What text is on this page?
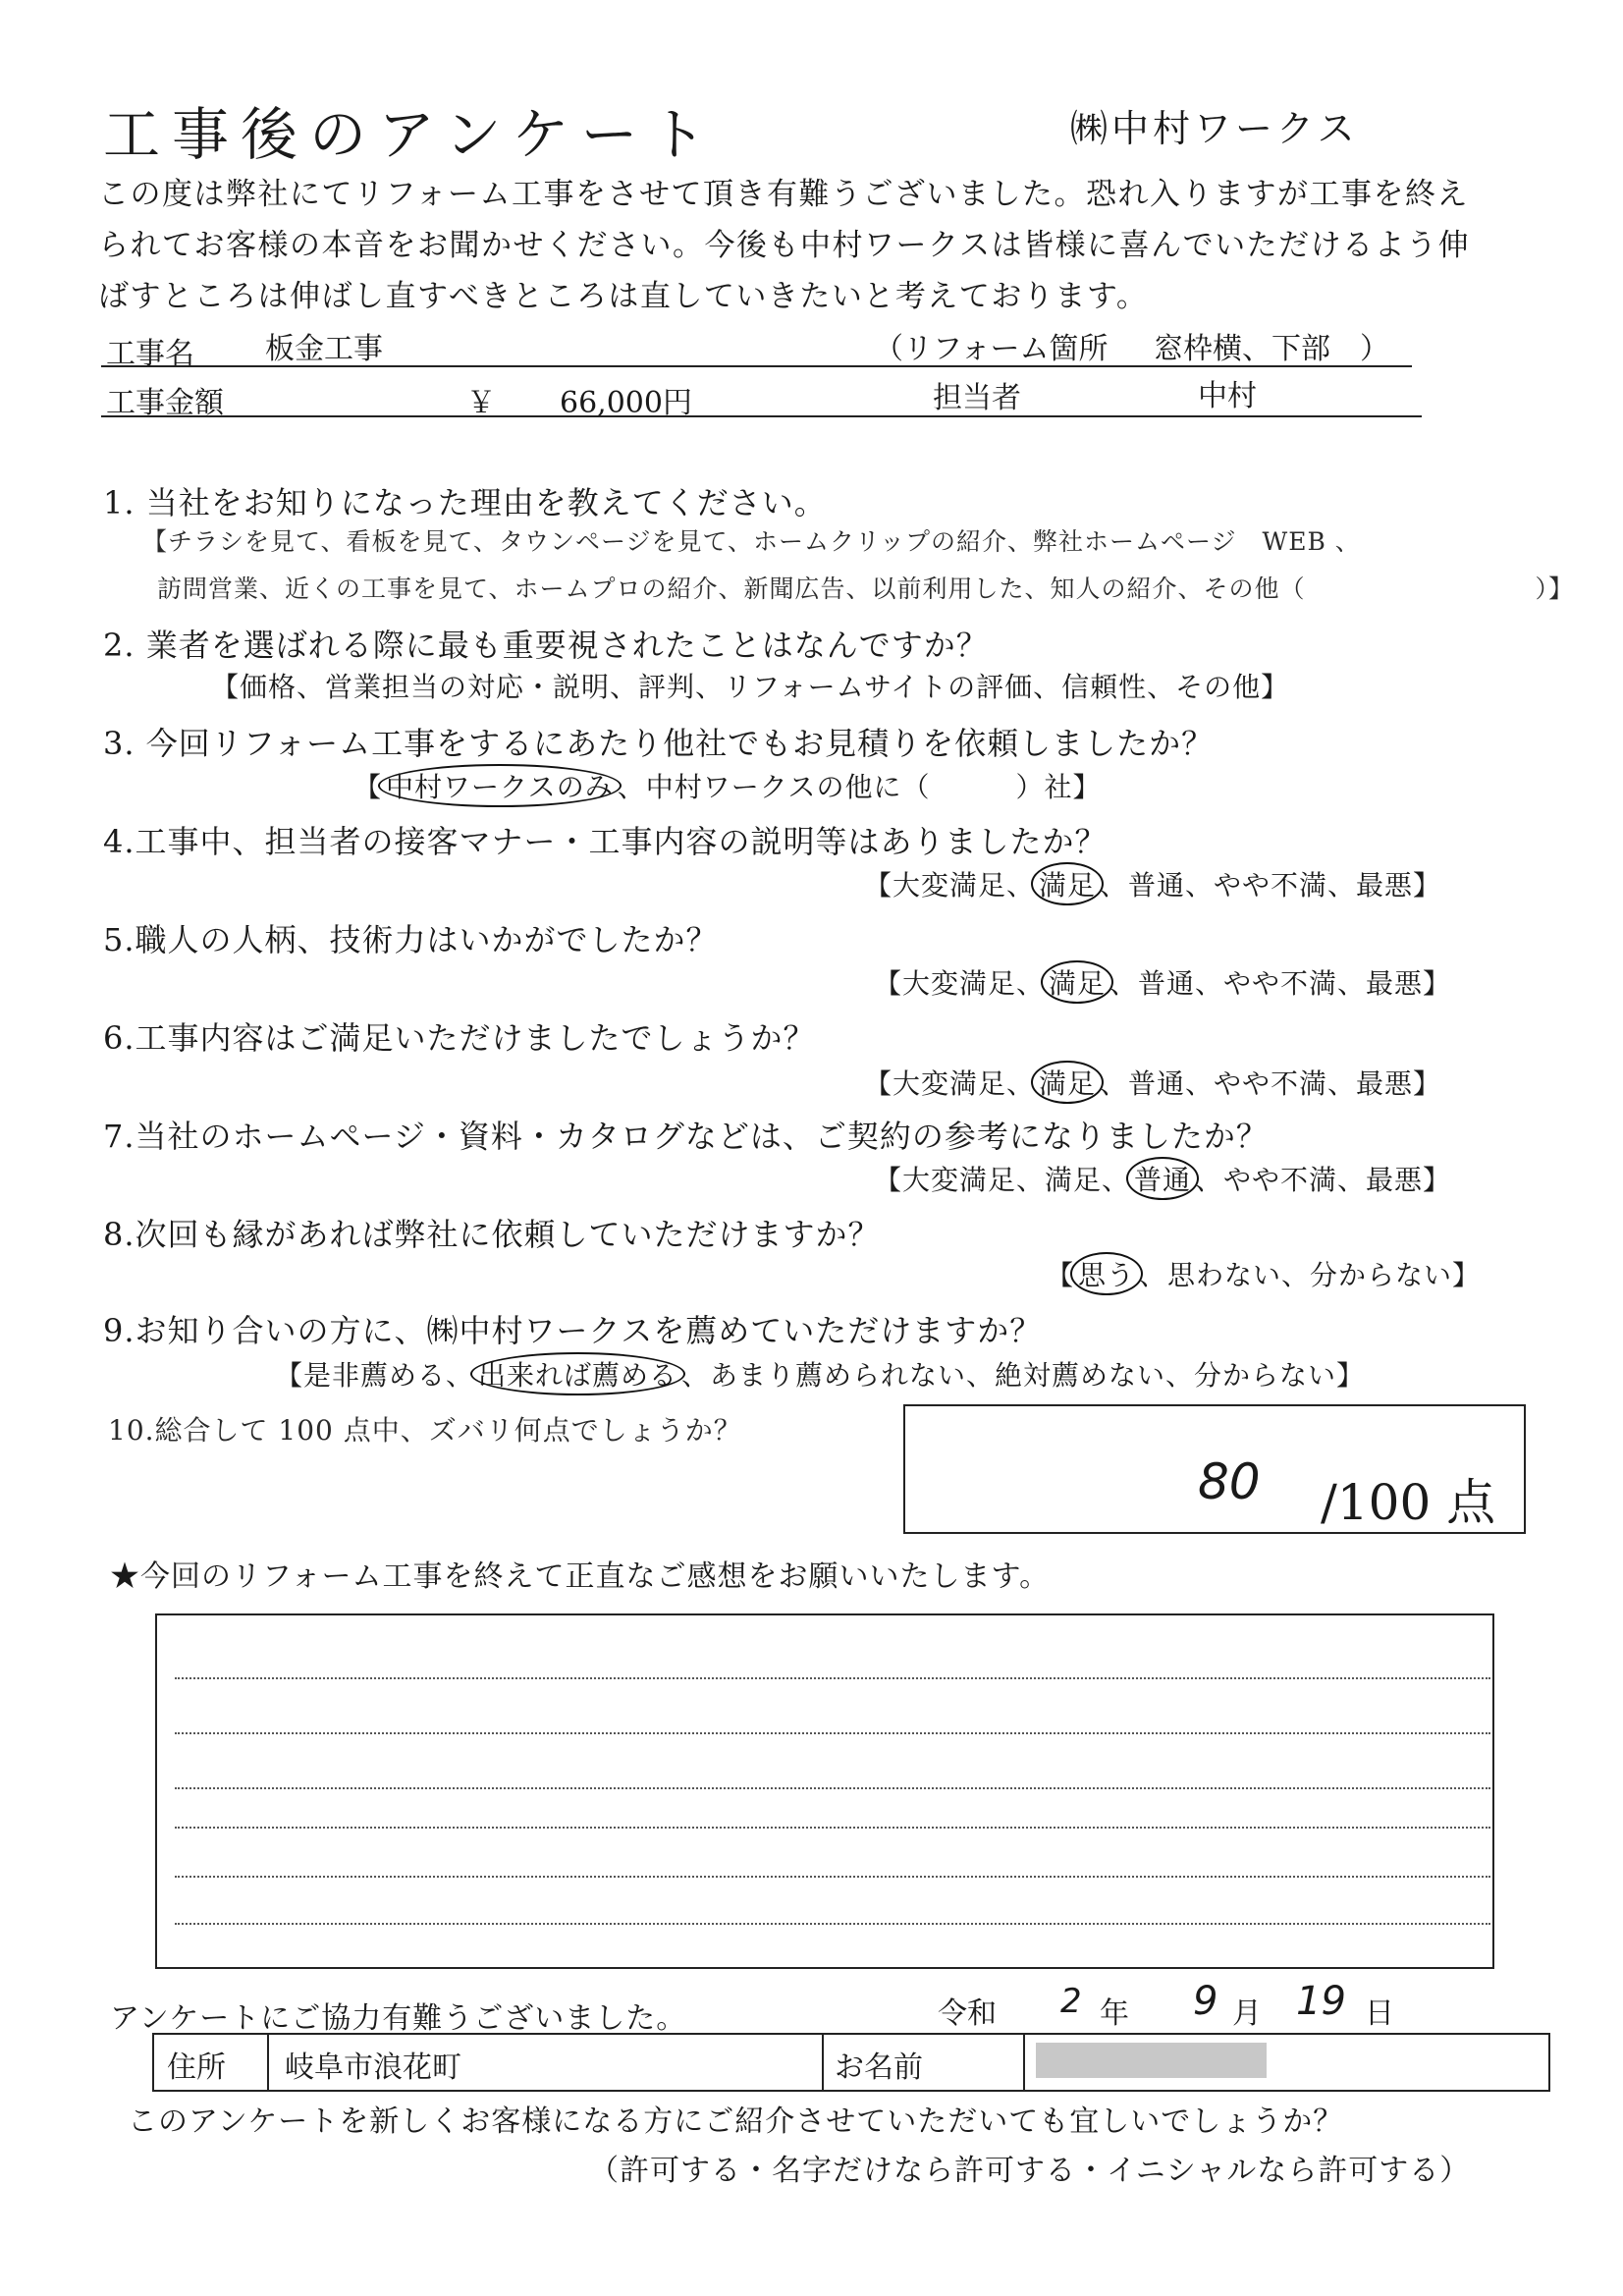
工事後のアンケート	㈱中村ワークス
この度は弊社にてリフォーム工事をさせて頂き有難うございました。恐れ入りますが工事を終え
られてお客様の本音をお聞かせください。今後も中村ワークスは皆様に喜んでいただけるよう伸
ばすところは伸ばし直すべきところは直していきたいと考えております。
工事名 板金工事	（リフォーム箇所 窓枠横、下部 ）
工事金額	￥ 66,000円	担当者	中村
1. 当社をお知りになった理由を教えてください。
【チラシを見て、看板を見て、タウンページを見て、ホームクリップの紹介、弊社ホームページ　WEB 、
訪問営業、近くの工事を見て、ホームプロの紹介、新聞広告、以前利用した、知人の紹介、その他（　　　　　　　　　）】
2. 業者を選ばれる際に最も重要視されたことはなんですか？
【価格、営業担当の対応・説明、評判、リフォームサイトの評価、信頼性、その他】
3. 今回リフォーム工事をするにあたり他社でもお見積りを依頼しましたか？
【 中村ワークスのみ 、中村ワークスの他に（　　　）社】
4.工事中、担当者の接客マナー・工事内容の説明等はありましたか？
【大変満足、 満足 、普通、やや不満、最悪】
5.職人の人柄、技術力はいかがでしたか？
【大変満足、 満足 、普通、やや不満、最悪】
6.工事内容はご満足いただけましたでしょうか？
【大変満足、 満足 、普通、やや不満、最悪】
7.当社のホームページ・資料・カタログなどは、ご契約の参考になりましたか？
【大変満足、満足、 普通 、やや不満、最悪】
8.次回も縁があれば弊社に依頼していただけますか？
【 思う 、思わない、分からない】
9.お知り合いの方に、㈱中村ワークスを薦めていただけますか？
【是非薦める、 出来れば薦める 、あまり薦められない、絶対薦めない、分からない】
10.総合して 100 点中、ズバリ何点でしょうか？
80 /100 点
★今回のリフォーム工事を終えて正直なご感想をお願いいたします。
アンケートにご協力有難うございました。	令和 2 年 9 月 19 日
住所 岐阜市浪花町	お名前
このアンケートを新しくお客様になる方にご紹介させていただいても宜しいでしょうか？
（許可する・名字だけなら許可する・イニシャルなら許可する）
